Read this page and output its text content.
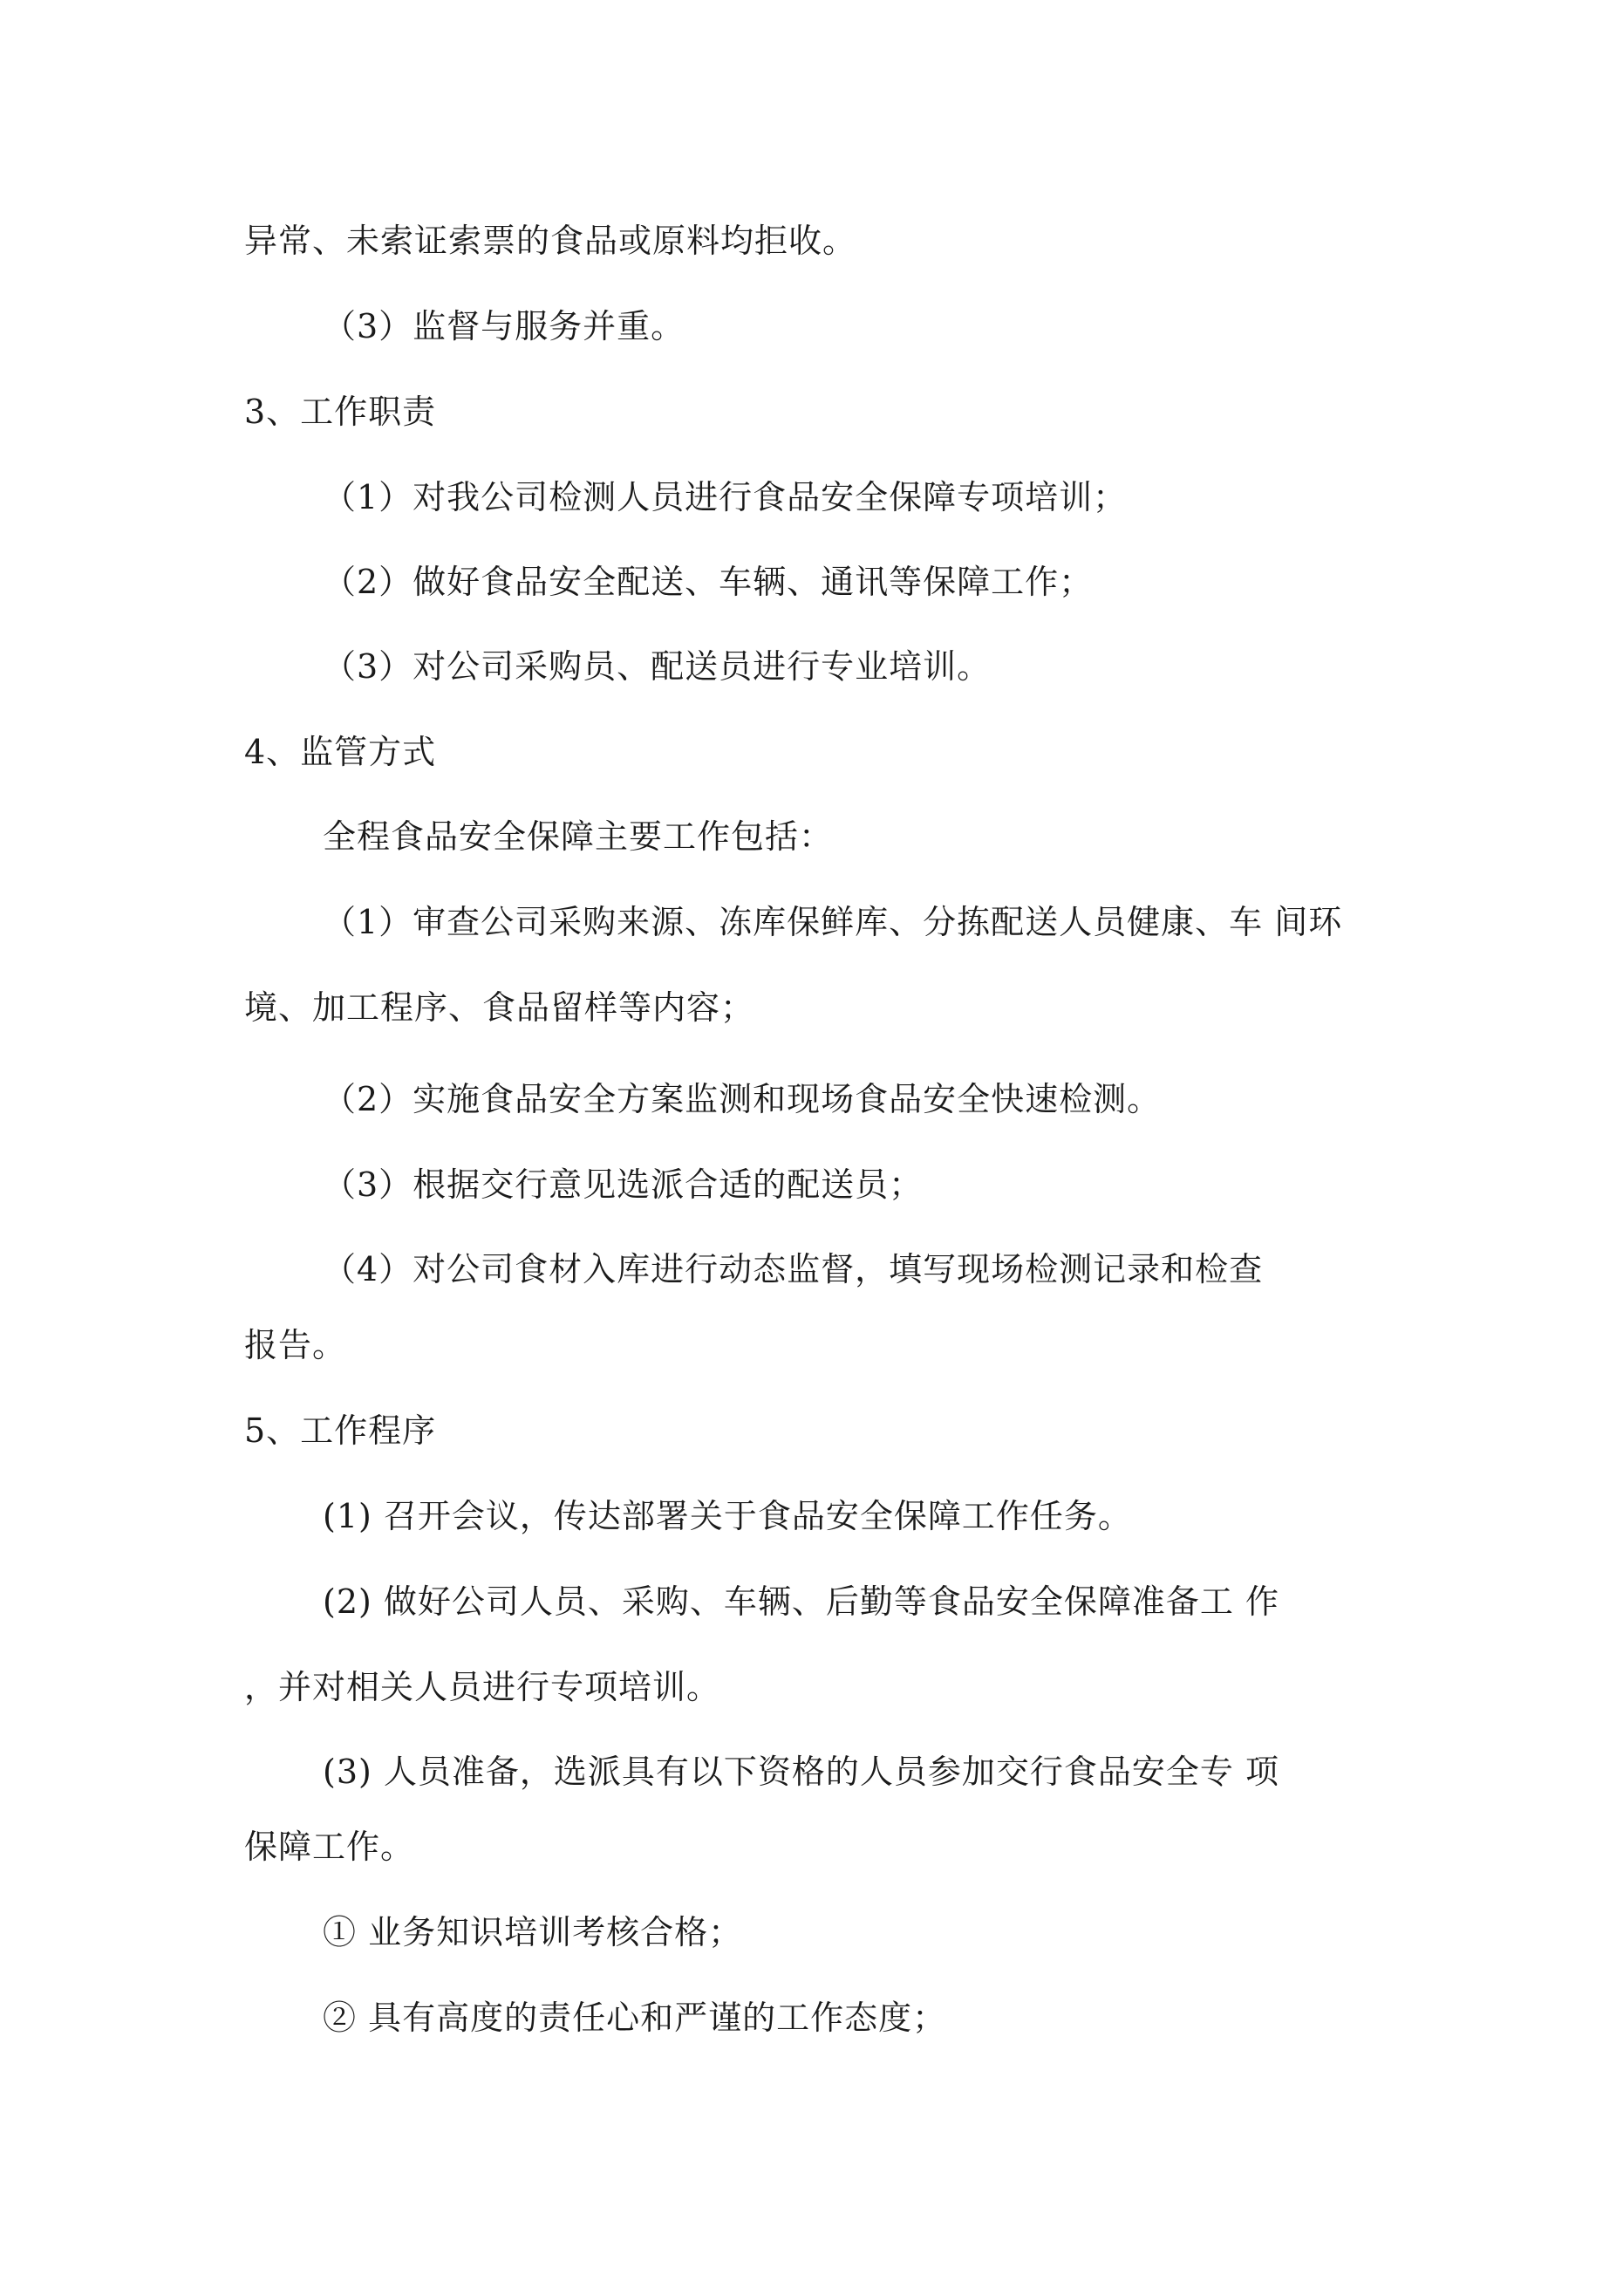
异常、未索证索票的食品或原料均拒收。
（3）监督与服务并重。
3、工作职责
（1）对我公司检测人员进行食品安全保障专项培训；
（2）做好食品安全配送、车辆、通讯等保障工作；
（3）对公司采购员、配送员进行专业培训。
4、监管方式
全程食品安全保障主要工作包括：
（1）审查公司采购来源、冻库保鲜库、分拣配送人员健康、车 间环
境、加工程序、食品留样等内容；
（2）实施食品安全方案监测和现场食品安全快速检测。
（3）根据交行意见选派合适的配送员；
（4）对公司食材入库进行动态监督，填写现场检测记录和检查
报告。
5、工作程序
(1) 召开会议，传达部署关于食品安全保障工作任务。
(2) 做好公司人员、采购、车辆、后勤等食品安全保障准备工 作
，并对相关人员进行专项培训。
(3) 人员准备，选派具有以下资格的人员参加交行食品安全专 项
保障工作。
① 业务知识培训考核合格；
② 具有高度的责任心和严谨的工作态度；
